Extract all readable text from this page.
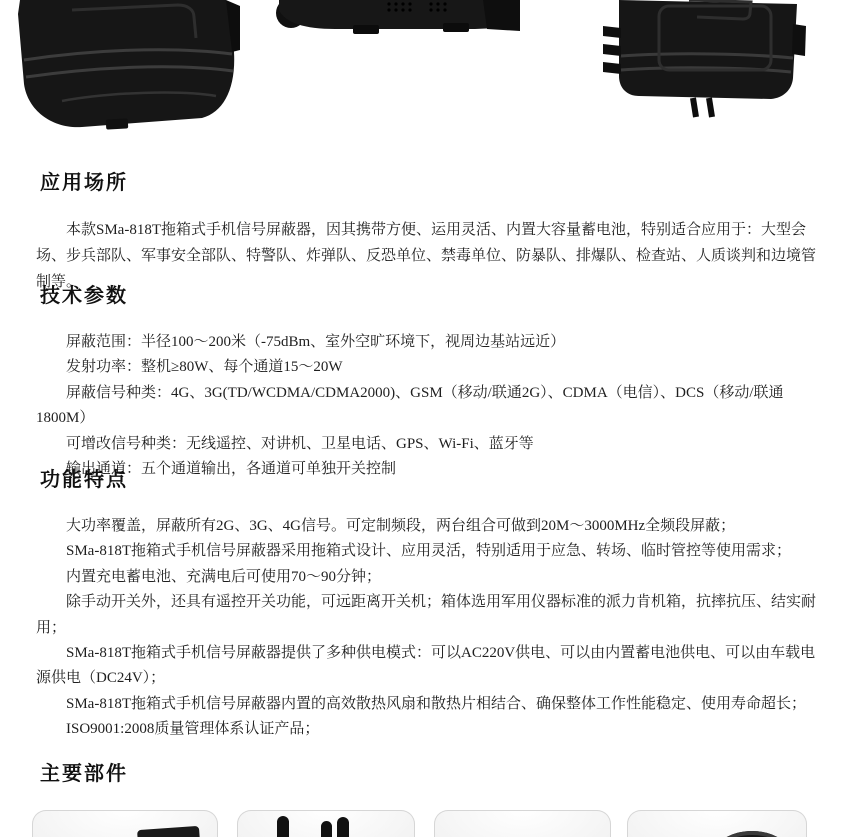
应用场所

本款SMa-818T拖箱式手机信号屏蔽器，因其携带方便、运用灵活、内置大容量蓄电池，特别适合应用于：大型会场、步兵部队、军事安全部队、特警队、炸弹队、反恐单位、禁毒单位、防暴队、排爆队、检查站、人质谈判和边境管制等。

技术参数

屏蔽范围：半径100～200米（-75dBm、室外空旷环境下，视周边基站远近）

发射功率：整机≥80W、每个通道15～20W

屏蔽信号种类：4G、3G(TD/WCDMA/CDMA2000)、GSM（移动/联通2G）、CDMA（电信）、DCS（移动/联通1800M）

可增改信号种类：无线遥控、对讲机、卫星电话、GPS、Wi-Fi、蓝牙等

输出通道：五个通道输出，各通道可单独开关控制

功能特点

大功率覆盖，屏蔽所有2G、3G、4G信号。可定制频段，两台组合可做到20M～3000MHz全频段屏蔽；

SMa-818T拖箱式手机信号屏蔽器采用拖箱式设计、应用灵活，特别适用于应急、转场、临时管控等使用需求；

内置充电蓄电池、充满电后可使用70～90分钟；

除手动开关外，还具有遥控开关功能，可远距离开关机；箱体选用军用仪器标准的派力肯机箱，抗摔抗压、结实耐用；

SMa-818T拖箱式手机信号屏蔽器提供了多种供电模式：可以AC220V供电、可以由内置蓄电池供电、可以由车载电源供电（DC24V）；

SMa-818T拖箱式手机信号屏蔽器内置的高效散热风扇和散热片相结合、确保整体工作性能稳定、使用寿命超长；

ISO9001:2008质量管理体系认证产品；

主要部件
